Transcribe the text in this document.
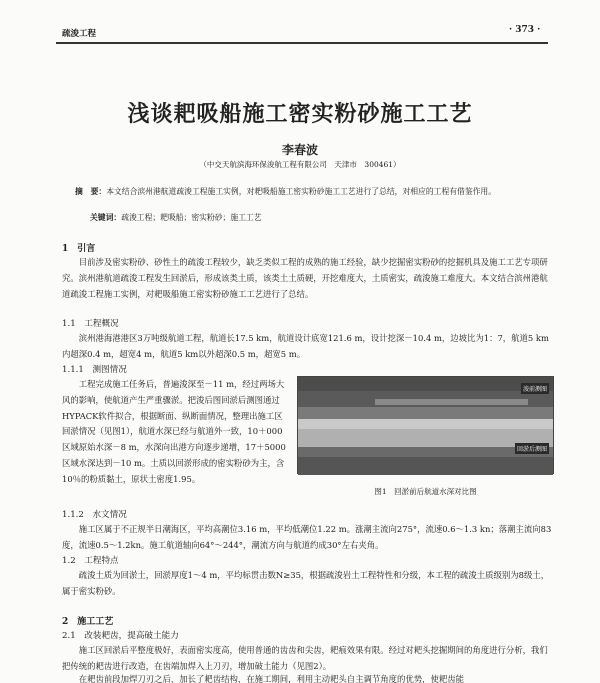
疏浚工程	· 373 ·
浅谈耙吸船施工密实粉砂施工工艺
李春波
（中交天航滨海环保浚航工程有限公司　天津市　300461）
摘　要：本文结合滨州港航道疏浚工程施工实例，对耙吸船施工密实粉砂施工工艺进行了总结，对相应的工程有借鉴作用。
关键词：疏浚工程；耙吸船；密实粉砂；施工工艺
1　引言
目前涉及密实粉砂、砂性土的疏浚工程较少，缺乏类似工程的成熟的施工经验，缺少挖掘密实粉砂的挖掘机具及施工工艺专项研究。滨州港航道疏浚工程发生回淤后，形成该类土质，该类土土质硬，开挖难度大，土质密实，疏浚施工难度大。本文结合滨州港航道疏浚工程施工实例，对耙吸船施工密实粉砂施工工艺进行了总结。
1.1　工程概况
滨州港海港港区3万吨级航道工程，航道长17.5 km，航道设计底宽121.6 m，设计挖深－10.4 m，边坡比为1：7，航道5 km内超深0.4 m，超宽4 m，航道5 km以外超深0.5 m，超宽5 m。
1.1.1　测图情况
工程完成施工任务后，普遍浚深至－11 m，经过两场大风的影响，使航道产生严重骤淤。把浚后图回淤后测图通过HYPACK软件拟合，根据断面、纵断面情况，整理出施工区回淤情况（见图1），航道水深已经与航道外一致，10＋000区域原始水深－8 m，水深向出港方向逐步递增，17＋5000区域水深达到－10 m。土质以回淤形成的密实粉砂为主，含10％的粉质黏土，原状土密度1.95。
浚前测图
回淤后测图
图1　回淤前后航道水深对比图
1.1.2　水文情况
施工区属于不正规半日潮海区，平均高潮位3.16 m，平均低潮位1.22 m。涨潮主流向275°，流速0.6～1.3 kn；落潮主流向83度，流速0.5～1.2kn。施工航道轴向64°～244°，潮流方向与航道约成30°左右夹角。
1.2　工程特点
疏浚土质为回淤土，回淤厚度1～4 m，平均标贯击数N≥35，根据疏浚岩土工程特性和分级，本工程的疏浚土质级别为8级土，属于密实粉砂。
2　施工工艺
2.1　改装耙齿，提高破土能力
施工区回淤后平整度极好，表面密实度高，使用普通的齿齿和尖齿，耙痕效果有限。经过对耙头挖掘期间的角度进行分析，我们把传统的耙齿进行改造，在齿端加焊入上刀刃，增加破土能力（见图2）。
在耙齿前段加焊刀刃之后，加长了耙齿结构，在施工期间，利用主动耙头自主调节角度的优势，使耙齿能
